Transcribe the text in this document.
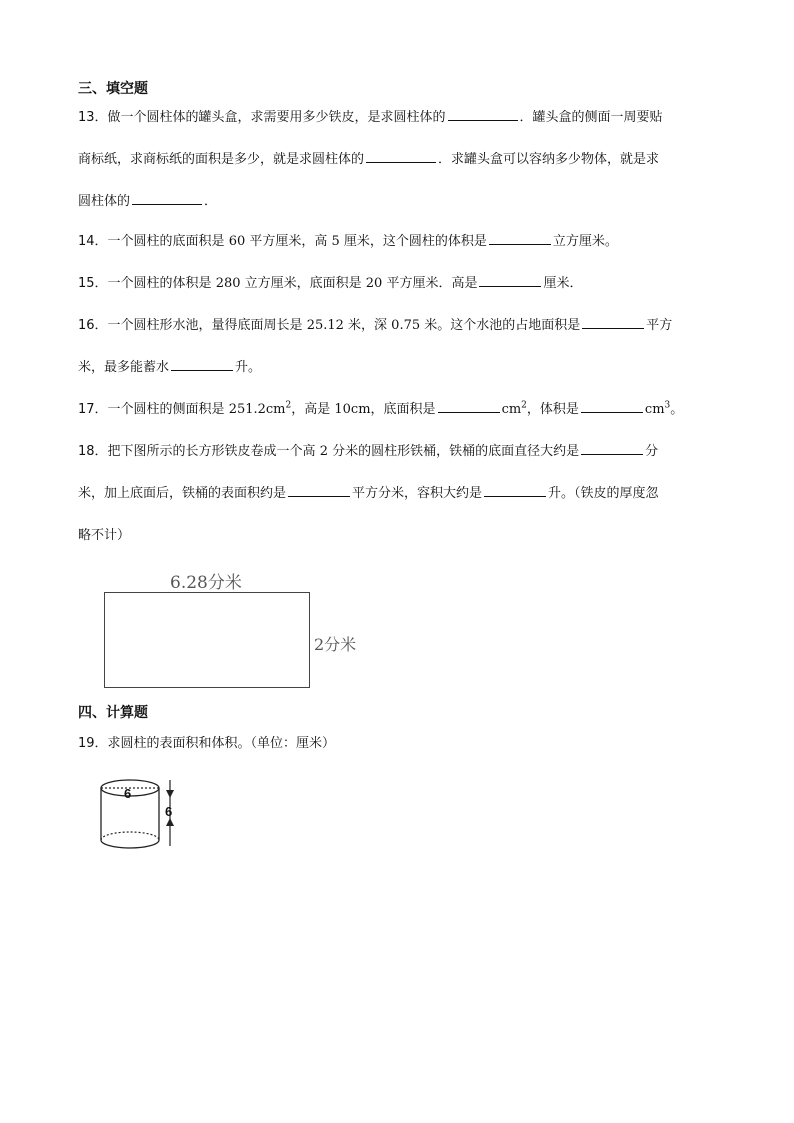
三、填空题
13．做一个圆柱体的罐头盒，求需要用多少铁皮，是求圆柱体的	．罐头盒的侧面一周要贴
商标纸，求商标纸的面积是多少，就是求圆柱体的	．求罐头盒可以容纳多少物体，就是求
圆柱体的	．
14．一个圆柱的底面积是 60 平方厘米，高 5 厘米，这个圆柱的体积是	立方厘米。
15．一个圆柱的体积是 280 立方厘米，底面积是 20 平方厘米．高是	厘米．
16．一个圆柱形水池，量得底面周长是 25.12 米，深 0.75 米。这个水池的占地面积是	平方
米，最多能蓄水	升。
17．一个圆柱的侧面积是 $251.2cm^2$，高是 10cm，底面积是	$cm^2$，体积是	$cm^3$。
18．把下图所示的长方形铁皮卷成一个高 2 分米的圆柱形铁桶，铁桶的底面直径大约是	分
米，加上底面后，铁桶的表面积约是	平方分米，容积大约是	升。（铁皮的厚度忽
略不计）
6.28分米
2分米
四、计算题
19．求圆柱的表面积和体积。（单位：厘米）
6
6
